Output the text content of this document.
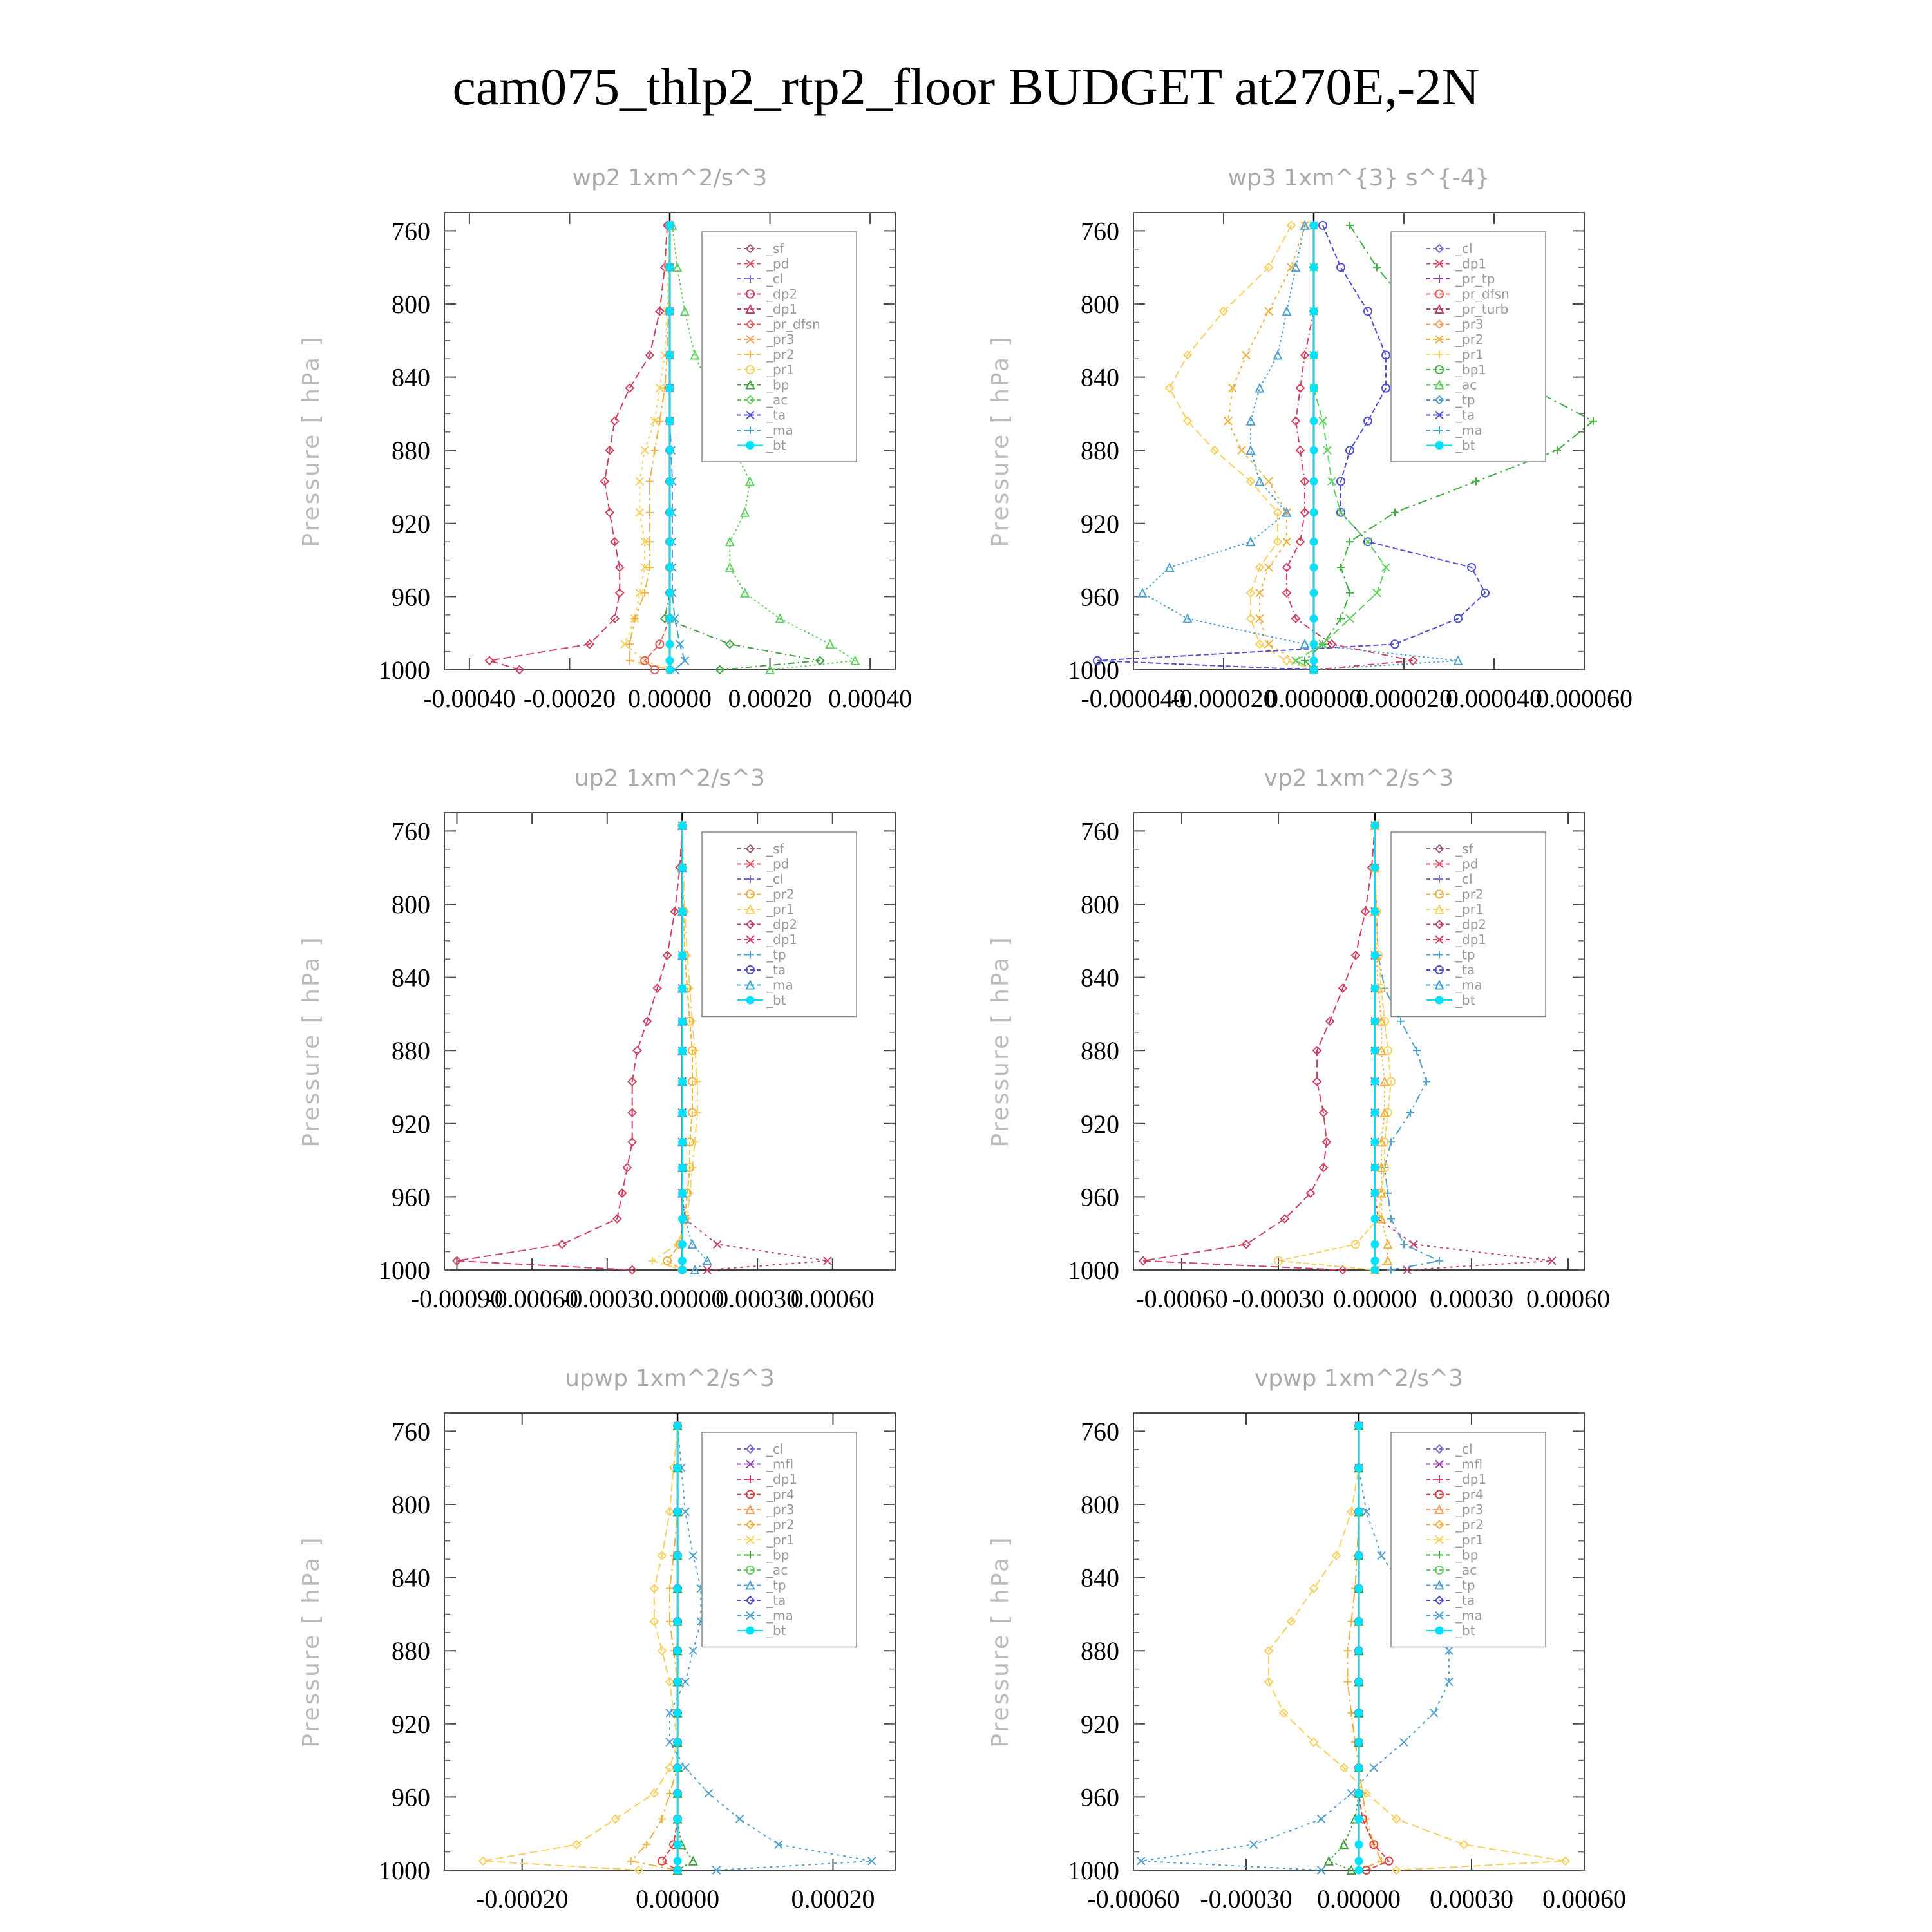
cam075_thlp2_rtp2_floor BUDGET at270E,-2N
wp2 1xm^2/s^3
Pressure [ hPa ]
760
800
840
880
920
960
1000
-0.00040 -0.00020 0.00000 0.00020 0.00040
_sf
_pd
_cl
_dp2
_dp1
_pr_dfsn
_pr3
_pr2
_pr1
_bp
_ac
_ta
_ma
_bt
wp3 1xm^{3} s^{-4}
Pressure [ hPa ]
760
800
840
880
920
960
1000
-0.000040
-0.000020
0.000000
0.000020
0.000040
0.000060
_cl
_dp1
_pr_tp
_pr_dfsn
_pr_turb
_pr3
_pr2
_pr1
_bp1
_ac
_tp
_ta
_ma
_bt
up2 1xm^2/s^3
Pressure [ hPa ]
760
800
840
880
920
960
1000
-0.00090
-0.00060
-0.00030
0.00000
0.00030
0.00060
_sf
_pd
_cl
_pr2
_pr1
_dp2
_dp1
_tp
_ta
_ma
_bt
vp2 1xm^2/s^3
Pressure [ hPa ]
760
800
840
880
920
960
1000
-0.00060 -0.00030 0.00000 0.00030 0.00060
_sf
_pd
_cl
_pr2
_pr1
_dp2
_dp1
_tp
_ta
_ma
_bt
upwp 1xm^2/s^3
Pressure [ hPa ]
760
800
840
880
920
960
1000
-0.00020	0.00000	0.00020
_cl
_mfl
_dp1
_pr4
_pr3
_pr2
_pr1
_bp
_ac
_tp
_ta
_ma
_bt
vpwp 1xm^2/s^3
Pressure [ hPa ]
760
800
840
880
920
960
1000
-0.00060 -0.00030 0.00000 0.00030 0.00060
_cl
_mfl
_dp1
_pr4
_pr3
_pr2
_pr1
_bp
_ac
_tp
_ta
_ma
_bt
